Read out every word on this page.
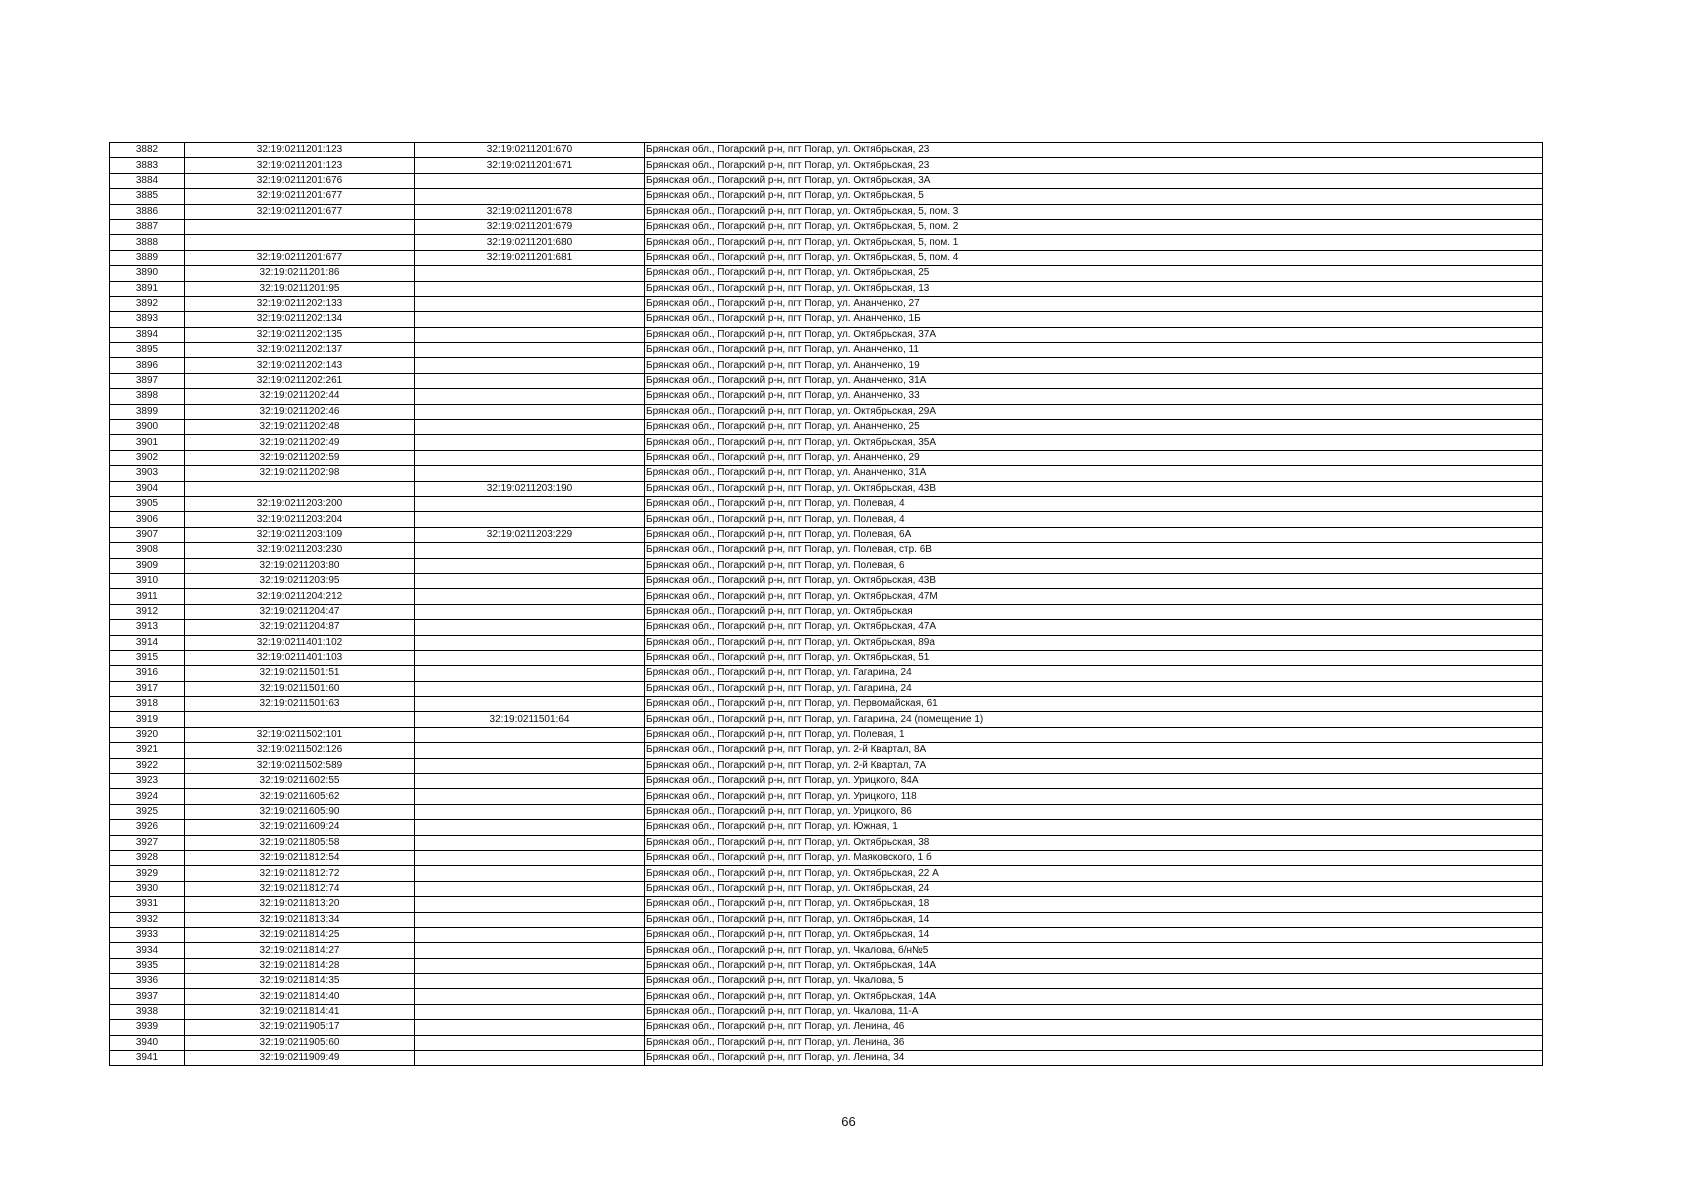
3882	32:19:0211201:123	32:19:0211201:670	Брянская обл., Погарский р-н, пгт Погар, ул. Октябрьская, 23
3883	32:19:0211201:123	32:19:0211201:671	Брянская обл., Погарский р-н, пгт Погар, ул. Октябрьская, 23
3884	32:19:0211201:676		Брянская обл., Погарский р-н, пгт Погар, ул. Октябрьская, 3А
3885	32:19:0211201:677		Брянская обл., Погарский р-н, пгт Погар, ул. Октябрьская, 5
3886	32:19:0211201:677	32:19:0211201:678	Брянская обл., Погарский р-н, пгт Погар, ул. Октябрьская, 5, пом. 3
3887		32:19:0211201:679	Брянская обл., Погарский р-н, пгт Погар, ул. Октябрьская, 5, пом. 2
3888		32:19:0211201:680	Брянская обл., Погарский р-н, пгт Погар, ул. Октябрьская, 5, пом. 1
3889	32:19:0211201:677	32:19:0211201:681	Брянская обл., Погарский р-н, пгт Погар, ул. Октябрьская, 5, пом. 4
3890	32:19:0211201:86		Брянская обл., Погарский р-н, пгт Погар, ул. Октябрьская, 25
3891	32:19:0211201:95		Брянская обл., Погарский р-н, пгт Погар, ул. Октябрьская, 13
3892	32:19:0211202:133		Брянская обл., Погарский р-н, пгт Погар, ул. Ананченко, 27
3893	32:19:0211202:134		Брянская обл., Погарский р-н, пгт Погар, ул. Ананченко, 1Б
3894	32:19:0211202:135		Брянская обл., Погарский р-н, пгт Погар, ул. Октябрьская, 37А
3895	32:19:0211202:137		Брянская обл., Погарский р-н, пгт Погар, ул. Ананченко, 11
3896	32:19:0211202:143		Брянская обл., Погарский р-н, пгт Погар, ул. Ананченко, 19
3897	32:19:0211202:261		Брянская обл., Погарский р-н, пгт Погар, ул. Ананченко, 31А
3898	32:19:0211202:44		Брянская обл., Погарский р-н, пгт Погар, ул. Ананченко, 33
3899	32:19:0211202:46		Брянская обл., Погарский р-н, пгт Погар, ул. Октябрьская, 29А
3900	32:19:0211202:48		Брянская обл., Погарский р-н, пгт Погар, ул. Ананченко, 25
3901	32:19:0211202:49		Брянская обл., Погарский р-н, пгт Погар, ул. Октябрьская, 35А
3902	32:19:0211202:59		Брянская обл., Погарский р-н, пгт Погар, ул. Ананченко, 29
3903	32:19:0211202:98		Брянская обл., Погарский р-н, пгт Погар, ул. Ананченко, 31А
3904		32:19:0211203:190	Брянская обл., Погарский р-н, пгт Погар, ул. Октябрьская, 43В
3905	32:19:0211203:200		Брянская обл., Погарский р-н, пгт Погар, ул. Полевая, 4
3906	32:19:0211203:204		Брянская обл., Погарский р-н, пгт Погар, ул. Полевая, 4
3907	32:19:0211203:109	32:19:0211203:229	Брянская обл., Погарский р-н, пгт Погар, ул. Полевая, 6А
3908	32:19:0211203:230		Брянская обл., Погарский р-н, пгт Погар, ул. Полевая, стр. 6В
3909	32:19:0211203:80		Брянская обл., Погарский р-н, пгт Погар, ул. Полевая, 6
3910	32:19:0211203:95		Брянская обл., Погарский р-н, пгт Погар, ул. Октябрьская, 43В
3911	32:19:0211204:212		Брянская обл., Погарский р-н, пгт Погар, ул. Октябрьская, 47М
3912	32:19:0211204:47		Брянская обл., Погарский р-н, пгт Погар, ул. Октябрьская
3913	32:19:0211204:87		Брянская обл., Погарский р-н, пгт Погар, ул. Октябрьская, 47А
3914	32:19:0211401:102		Брянская обл., Погарский р-н, пгт Погар, ул. Октябрьская, 89а
3915	32:19:0211401:103		Брянская обл., Погарский р-н, пгт Погар, ул. Октябрьская, 51
3916	32:19:0211501:51		Брянская обл., Погарский р-н, пгт Погар, ул. Гагарина, 24
3917	32:19:0211501:60		Брянская обл., Погарский р-н, пгт Погар, ул. Гагарина, 24
3918	32:19:0211501:63		Брянская обл., Погарский р-н, пгт Погар, ул. Первомайская, 61
3919		32:19:0211501:64	Брянская обл., Погарский р-н, пгт Погар, ул. Гагарина, 24 (помещение 1)
3920	32:19:0211502:101		Брянская обл., Погарский р-н, пгт Погар, ул. Полевая, 1
3921	32:19:0211502:126		Брянская обл., Погарский р-н, пгт Погар, ул. 2-й Квартал, 8А
3922	32:19:0211502:589		Брянская обл., Погарский р-н, пгт Погар, ул. 2-й Квартал, 7А
3923	32:19:0211602:55		Брянская обл., Погарский р-н, пгт Погар, ул. Урицкого, 84А
3924	32:19:0211605:62		Брянская обл., Погарский р-н, пгт Погар, ул. Урицкого, 118
3925	32:19:0211605:90		Брянская обл., Погарский р-н, пгт Погар, ул. Урицкого, 86
3926	32:19:0211609:24		Брянская обл., Погарский р-н, пгт Погар, ул. Южная, 1
3927	32:19:0211805:58		Брянская обл., Погарский р-н, пгт Погар, ул. Октябрьская, 38
3928	32:19:0211812:54		Брянская обл., Погарский р-н, пгт Погар, ул. Маяковского, 1 б
3929	32:19:0211812:72		Брянская обл., Погарский р-н, пгт Погар, ул. Октябрьская, 22 А
3930	32:19:0211812:74		Брянская обл., Погарский р-н, пгт Погар, ул. Октябрьская, 24
3931	32:19:0211813:20		Брянская обл., Погарский р-н, пгт Погар, ул. Октябрьская, 18
3932	32:19:0211813:34		Брянская обл., Погарский р-н, пгт Погар, ул. Октябрьская, 14
3933	32:19:0211814:25		Брянская обл., Погарский р-н, пгт Погар, ул. Октябрьская, 14
3934	32:19:0211814:27		Брянская обл., Погарский р-н, пгт Погар, ул. Чкалова, б/н№5
3935	32:19:0211814:28		Брянская обл., Погарский р-н, пгт Погар, ул. Октябрьская, 14А
3936	32:19:0211814:35		Брянская обл., Погарский р-н, пгт Погар, ул. Чкалова, 5
3937	32:19:0211814:40		Брянская обл., Погарский р-н, пгт Погар, ул. Октябрьская, 14А
3938	32:19:0211814:41		Брянская обл., Погарский р-н, пгт Погар, ул. Чкалова, 11-А
3939	32:19:0211905:17		Брянская обл., Погарский р-н, пгт Погар, ул. Ленина, 46
3940	32:19:0211905:60		Брянская обл., Погарский р-н, пгт Погар, ул. Ленина, 36
3941	32:19:0211909:49		Брянская обл., Погарский р-н, пгт Погар, ул. Ленина, 34
66
